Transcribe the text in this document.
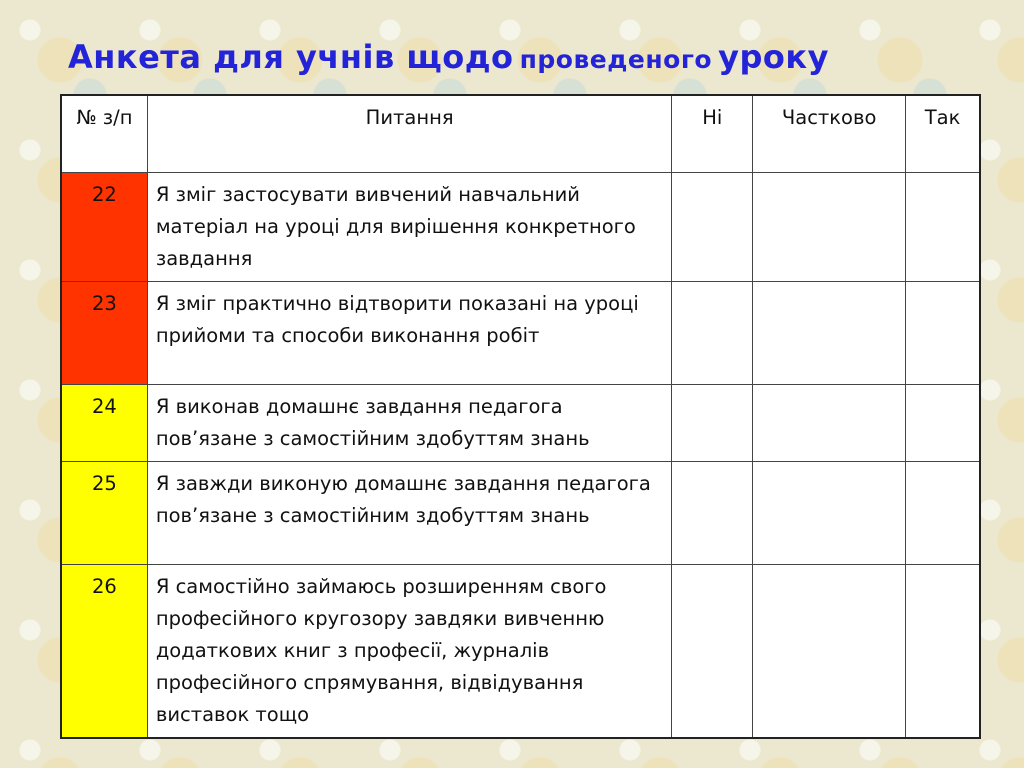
Анкета для учнів щодо проведеного уроку
№ з/п	Питання	Ні	Частково	Так
22	Я зміг застосувати вивчений навчальний матеріал на уроці для вирішення конкретного завдання			
23	Я зміг практично відтворити показані на уроці прийоми та способи виконання робіт			
24	Я виконав домашнє завдання педагога пов’язане з самостійним здобуттям знань			
25	Я завжди виконую домашнє завдання педагога пов’язане з самостійним здобуттям знань			
26	Я самостійно займаюсь розширенням свого професійного кругозору завдяки вивченню додаткових книг з професії, журналів професійного спрямування, відвідування виставок тощо			
